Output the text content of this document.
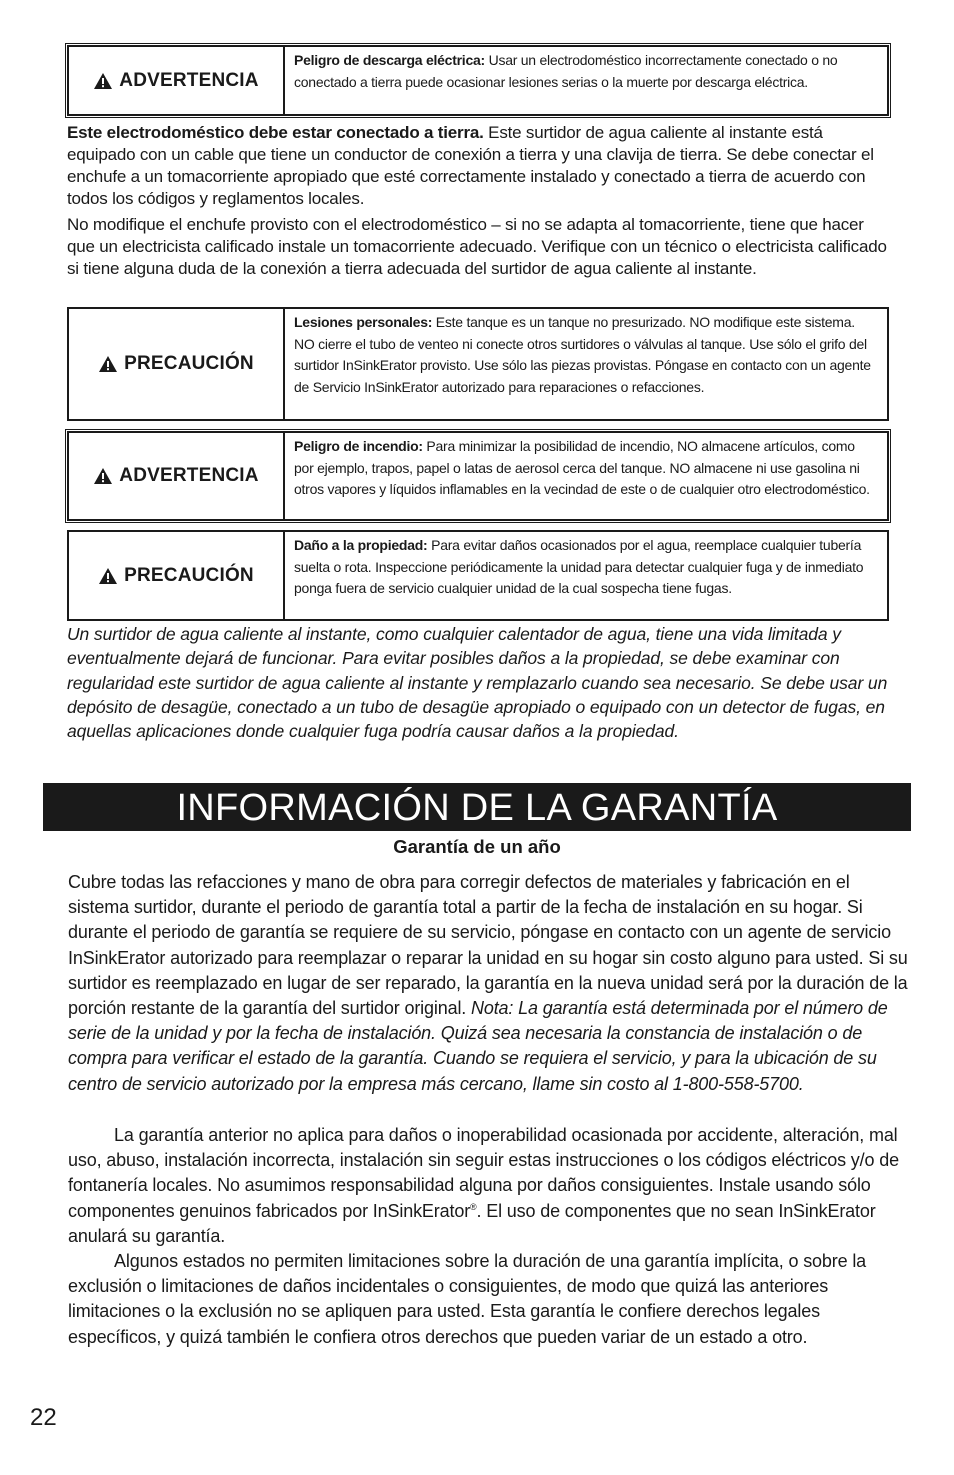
ADVERTENCIA
Peligro de descarga eléctrica: Usar un electrodoméstico incorrectamente conectado o no conectado a tierra puede ocasionar lesiones serias o la muerte por descarga eléctrica.
Este electrodoméstico debe estar conectado a tierra. Este surtidor de agua caliente al instante está equipado con un cable que tiene un conductor de conexión a tierra y una clavija de tierra. Se debe conectar el enchufe a un tomacorriente apropiado que esté correctamente instalado y conectado a tierra de acuerdo con todos los códigos y reglamentos locales.
No modifique el enchufe provisto con el electrodoméstico – si no se adapta al tomacorriente, tiene que hacer que un electricista calificado instale un tomacorriente adecuado. Verifique con un técnico o electricista calificado si tiene alguna duda de la conexión a tierra adecuada del surtidor de agua caliente al instante.
PRECAUCIÓN
Lesiones personales: Este tanque es un tanque no presurizado. NO modifique este sistema. NO cierre el tubo de venteo ni conecte otros surtidores o válvulas al tanque. Use sólo el grifo del surtidor InSinkErator provisto. Use sólo las piezas provistas. Póngase en contacto con un agente de Servicio InSinkErator autorizado para reparaciones o refacciones.
ADVERTENCIA
Peligro de incendio: Para minimizar la posibilidad de incendio, NO almacene artículos, como por ejemplo, trapos, papel o latas de aerosol cerca del tanque. NO almacene ni use gasolina ni otros vapores y líquidos inflamables en la vecindad de este o de cualquier otro electrodoméstico.
PRECAUCIÓN
Daño a la propiedad: Para evitar daños ocasionados por el agua, reemplace cualquier tubería suelta o rota. Inspeccione periódicamente la unidad para detectar cualquier fuga y de inmediato ponga fuera de servicio cualquier unidad de la cual sospecha tiene fugas.
Un surtidor de agua caliente al instante, como cualquier calentador de agua, tiene una vida limitada y eventualmente dejará de funcionar. Para evitar posibles daños a la propiedad, se debe examinar con regularidad este surtidor de agua caliente al instante y remplazarlo cuando sea necesario. Se debe usar un depósito de desagüe, conectado a un tubo de desagüe apropiado o equipado con un detector de fugas, en aquellas aplicaciones donde cualquier fuga podría causar daños a la propiedad.
INFORMACIÓN DE LA GARANTÍA
Garantía de un año
Cubre todas las refacciones y mano de obra para corregir defectos de materiales y fabricación en el sistema surtidor, durante el periodo de garantía total a partir de la fecha de instalación en su hogar. Si durante el periodo de garantía se requiere de su servicio, póngase en contacto con un agente de servicio InSinkErator autorizado para reemplazar o reparar la unidad en su hogar sin costo alguno para usted. Si su surtidor es reemplazado en lugar de ser reparado, la garantía en la nueva unidad será por la duración de la porción restante de la garantía del surtidor original. Nota: La garantía está determinada por el número de serie de la unidad y por la fecha de instalación. Quizá sea necesaria la constancia de instalación o de compra para verificar el estado de la garantía. Cuando se requiera el servicio, y para la ubicación de su centro de servicio autorizado por la empresa más cercano, llame sin costo al 1-800-558-5700.
La garantía anterior no aplica para daños o inoperabilidad ocasionada por accidente, alteración, mal uso, abuso, instalación incorrecta, instalación sin seguir estas instrucciones o los códigos eléctricos y/o de fontanería locales. No asumimos responsabilidad alguna por daños consiguientes. Instale usando sólo componentes genuinos fabricados por InSinkErator®. El uso de componentes que no sean InSinkErator anulará su garantía.
Algunos estados no permiten limitaciones sobre la duración de una garantía implícita, o sobre la exclusión o limitaciones de daños incidentales o consiguientes, de modo que quizá las anteriores limitaciones o la exclusión no se apliquen para usted. Esta garantía le confiere derechos legales específicos, y quizá también le confiera otros derechos que pueden variar de un estado a otro.
22
